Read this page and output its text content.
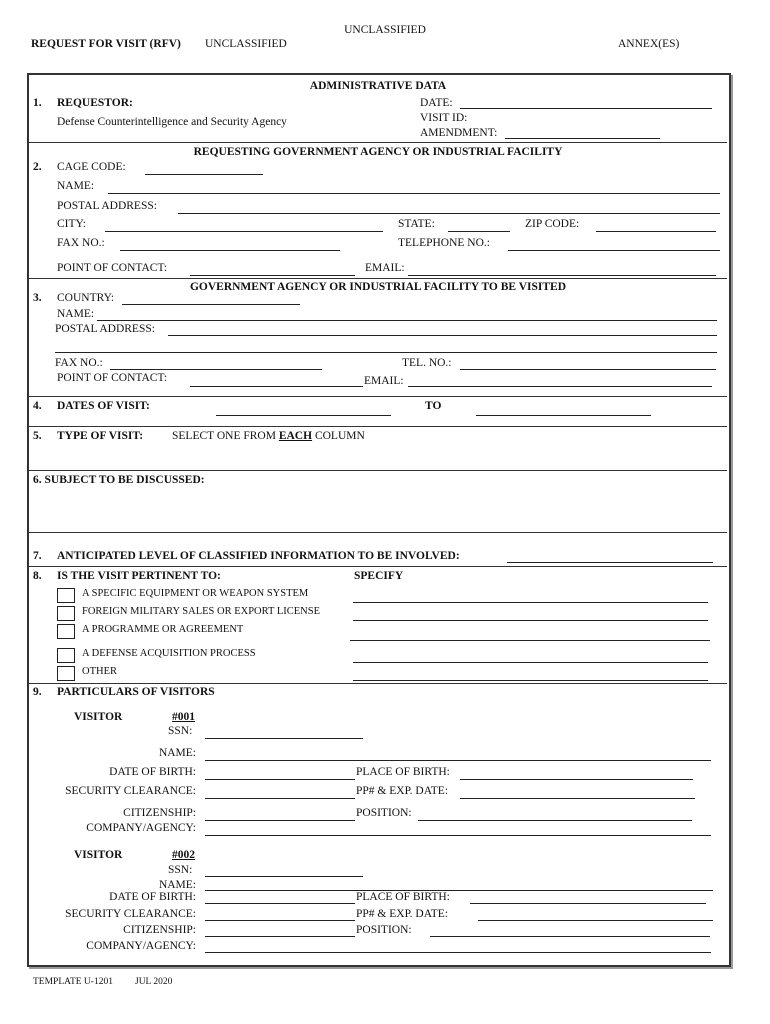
UNCLASSIFIED
REQUEST FOR VISIT (RFV) UNCLASSIFIED	ANNEX(ES)
ADMINISTRATIVE DATA
1. REQUESTOR:
Defense Counterintelligence and Security Agency
DATE:
VISIT ID:
AMENDMENT:
REQUESTING GOVERNMENT AGENCY OR INDUSTRIAL FACILITY
2. CAGE CODE:
NAME:
POSTAL ADDRESS:
CITY:	STATE:	ZIP CODE:
FAX NO.:	TELEPHONE NO.:
POINT OF CONTACT:	EMAIL:
GOVERNMENT AGENCY OR INDUSTRIAL FACILITY TO BE VISITED
3. COUNTRY:
NAME:
POSTAL ADDRESS:
FAX NO.:	TEL. NO.:
POINT OF CONTACT:	EMAIL:
4. DATES OF VISIT:	TO
5. TYPE OF VISIT:	SELECT ONE FROM EACH COLUMN
6. SUBJECT TO BE DISCUSSED:
7. ANTICIPATED LEVEL OF CLASSIFIED INFORMATION TO BE INVOLVED:
8. IS THE VISIT PERTINENT TO:	SPECIFY
A SPECIFIC EQUIPMENT OR WEAPON SYSTEM
FOREIGN MILITARY SALES OR EXPORT LICENSE
A PROGRAMME OR AGREEMENT
A DEFENSE ACQUISITION PROCESS
OTHER
9. PARTICULARS OF VISITORS
VISITOR	#001
SSN:
NAME:
DATE OF BIRTH:	PLACE OF BIRTH:
SECURITY CLEARANCE:	PP# & EXP. DATE:
CITIZENSHIP:	POSITION:
COMPANY/AGENCY:
VISITOR	#002
SSN:
NAME:
DATE OF BIRTH:	PLACE OF BIRTH:
SECURITY CLEARANCE:	PP# & EXP. DATE:
CITIZENSHIP:	POSITION:
COMPANY/AGENCY:
TEMPLATE U-1201 JUL 2020
